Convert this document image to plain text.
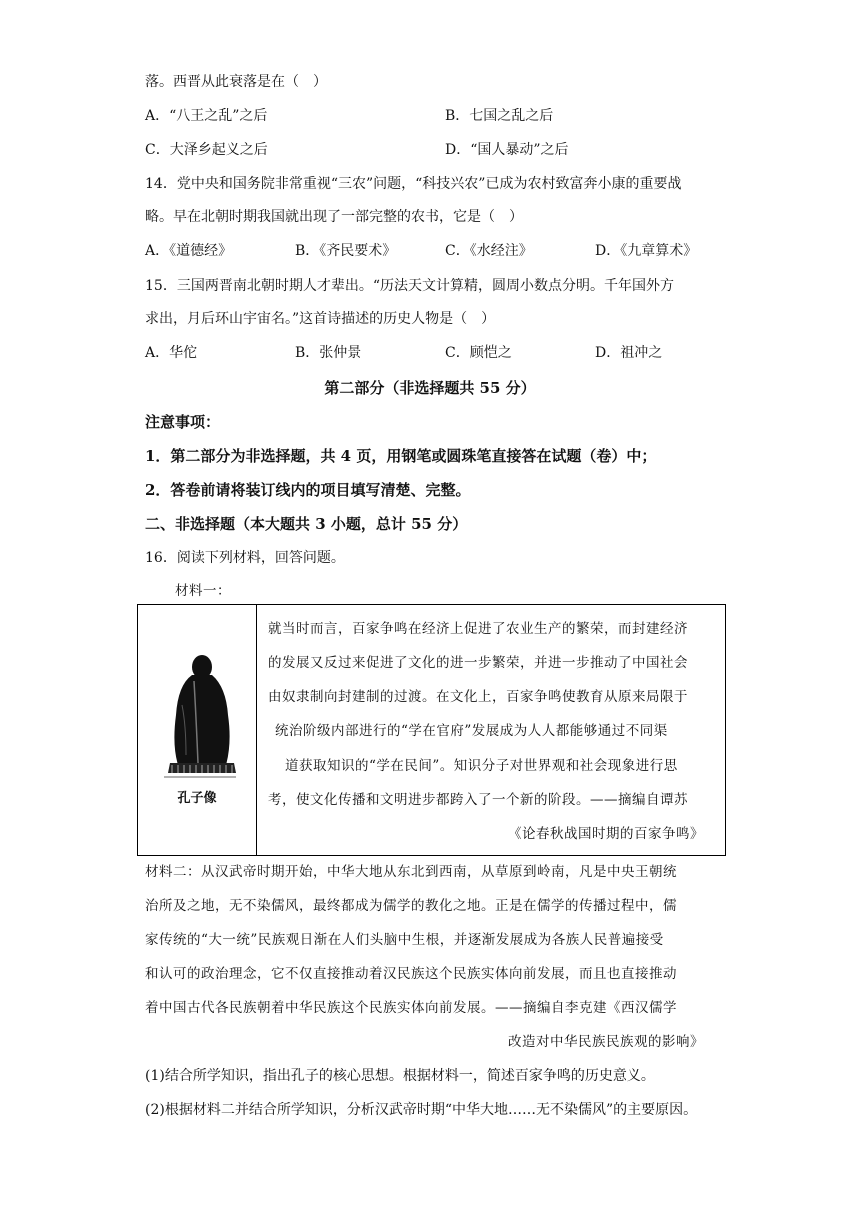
落。西晋从此衰落是在（　）
A．“八王之乱”之后	B．七国之乱之后
C．大泽乡起义之后	D．“国人暴动”之后
14．党中央和国务院非常重视“三农”问题，“科技兴农”已成为农村致富奔小康的重要战
略。早在北朝时期我国就出现了一部完整的农书，它是（　）
A．《道德经》	B．《齐民要术》	C．《水经注》	D．《九章算术》
15．三国两晋南北朝时期人才辈出。“历法天文计算精，圆周小数点分明。千年国外方
求出，月后环山宇宙名。”这首诗描述的历史人物是（　）
A．华佗	B．张仲景	C．顾恺之	D．祖冲之
第二部分（非选择题共 55 分）
注意事项：
1．第二部分为非选择题，共 4 页，用钢笔或圆珠笔直接答在试题（卷）中；
2．答卷前请将装订线内的项目填写清楚、完整。
二、非选择题（本大题共 3 小题，总计 55 分）
16．阅读下列材料，回答问题。
材料一：
孔子像
就当时而言，百家争鸣在经济上促进了农业生产的繁荣，而封建经济
的发展又反过来促进了文化的进一步繁荣，并进一步推动了中国社会
由奴隶制向封建制的过渡。在文化上，百家争鸣使教育从原来局限于
统治阶级内部进行的“学在官府”发展成为人人都能够通过不同渠
道获取知识的“学在民间”。知识分子对世界观和社会现象进行思
考，使文化传播和文明进步都跨入了一个新的阶段。——摘编自谭苏
《论春秋战国时期的百家争鸣》
材料二：从汉武帝时期开始，中华大地从东北到西南，从草原到岭南，凡是中央王朝统
治所及之地，无不染儒风，最终都成为儒学的教化之地。正是在儒学的传播过程中，儒
家传统的“大一统”民族观日渐在人们头脑中生根，并逐渐发展成为各族人民普遍接受
和认可的政治理念，它不仅直接推动着汉民族这个民族实体向前发展，而且也直接推动
着中国古代各民族朝着中华民族这个民族实体向前发展。——摘编自李克建《西汉儒学
改造对中华民族民族观的影响》
(1)结合所学知识，指出孔子的核心思想。根据材料一，简述百家争鸣的历史意义。
(2)根据材料二并结合所学知识，分析汉武帝时期“中华大地……无不染儒风”的主要原因。
